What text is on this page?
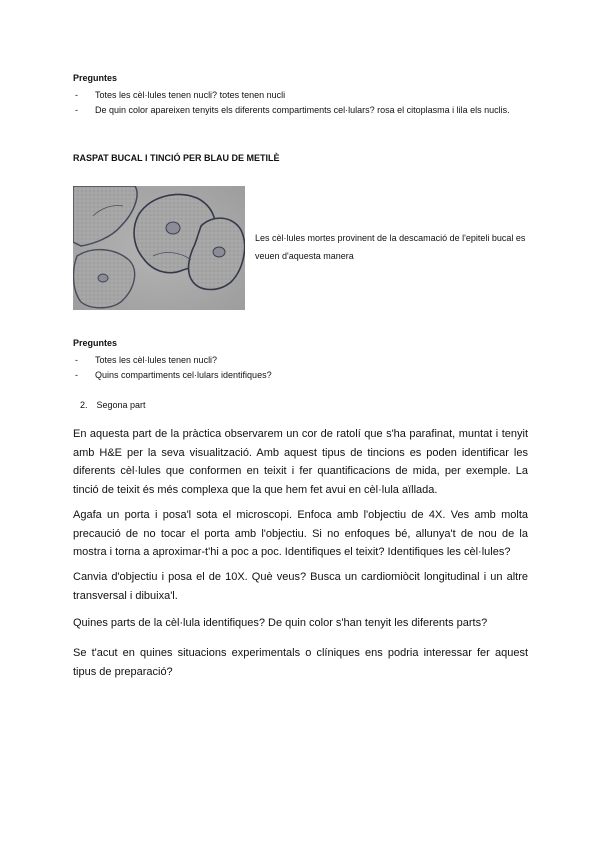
Preguntes
- Totes les cèl·lules tenen nucli? totes tenen nucli
- De quin color apareixen tenyits els diferents compartiments cel·lulars? rosa el citoplasma i lila els nuclis.
RASPAT BUCAL I TINCIÓ PER BLAU DE METILÈ
Les cèl·lules mortes provinent de la descamació de l'epiteli bucal es veuen d'aquesta manera
Preguntes
- Totes les cèl·lules tenen nucli?
- Quins compartiments cel·lulars identifiques?
2. Segona part

En aquesta part de la pràctica observarem un cor de ratolí que s'ha parafinat, muntat i tenyit amb H&E per la seva visualització. Amb aquest tipus de tincions es poden identificar les diferents cèl·lules que conformen en teixit i fer quantificacions de mida, per exemple. La tinció de teixit és més complexa que la que hem fet avui en cèl·lula aïllada.

Agafa un porta i posa'l sota el microscopi. Enfoca amb l'objectiu de 4X. Ves amb molta precaució de no tocar el porta amb l'objectiu. Si no enfoques bé, allunya't de nou de la mostra i torna a aproximar-t'hi a poc a poc. Identifiques el teixit? Identifiques les cèl·lules?

Canvia d'objectiu i posa el de 10X. Què veus? Busca un cardiomiòcit longitudinal i un altre transversal i dibuixa'l.

Quines parts de la cèl·lula identifiques? De quin color s'han tenyit les diferents parts?

Se t'acut en quines situacions experimentals o clíniques ens podria interessar fer aquest tipus de preparació?
